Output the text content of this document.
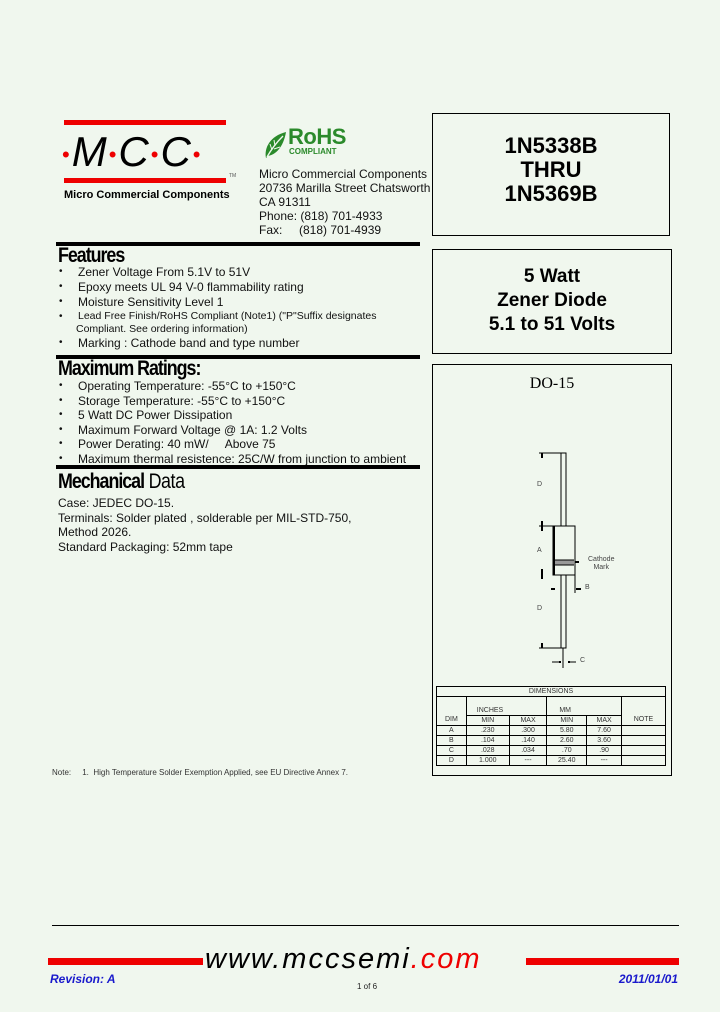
•M•C•C•
TM
Micro Commercial Components
RoHS
COMPLIANT
Micro Commercial Components
20736 Marilla Street Chatsworth
CA 91311
Phone: (818) 701-4933
Fax:     (818) 701-4939
1N5338B
THRU
1N5369B
5 Watt
Zener Diode
5.1 to 51 Volts
Features
• Zener Voltage From 5.1V to 51V
• Epoxy meets UL 94 V-0 flammability rating
• Moisture Sensitivity Level 1
• Lead Free Finish/RoHS Compliant (Note1) ("P"Suffix designates
Compliant. See ordering information)
• Marking : Cathode band and type number
Maximum Ratings:
• Operating Temperature: -55°C to +150°C
• Storage Temperature: -55°C to +150°C
• 5 Watt DC Power Dissipation
• Maximum Forward Voltage @ 1A: 1.2 Volts
• Power Derating: 40 mW/     Above 75
• Maximum thermal resistence: 25C/W from junction to ambient
Mechanical Data
Case: JEDEC DO-15.
Terminals: Solder plated , solderable per MIL-STD-750,
Method 2026.
Standard Packaging: 52mm tape
DO-15
D
A
D
B
C
Cathode
Mark
DIMENSIONS					
	INCHES		MM		

DIM	MIN	MAX	MIN	MAX	NOTE
A	.230	.300	5.80	7.60	
B	.104	.140	2.60	3.60	
C	.028	.034	.70	.90	
D	1.000	---	25.40	---	
Note:     1.  High Temperature Solder Exemption Applied, see EU Directive Annex 7.
www.mccsemi.com
Revision: A
1 of 6
2011/01/01
